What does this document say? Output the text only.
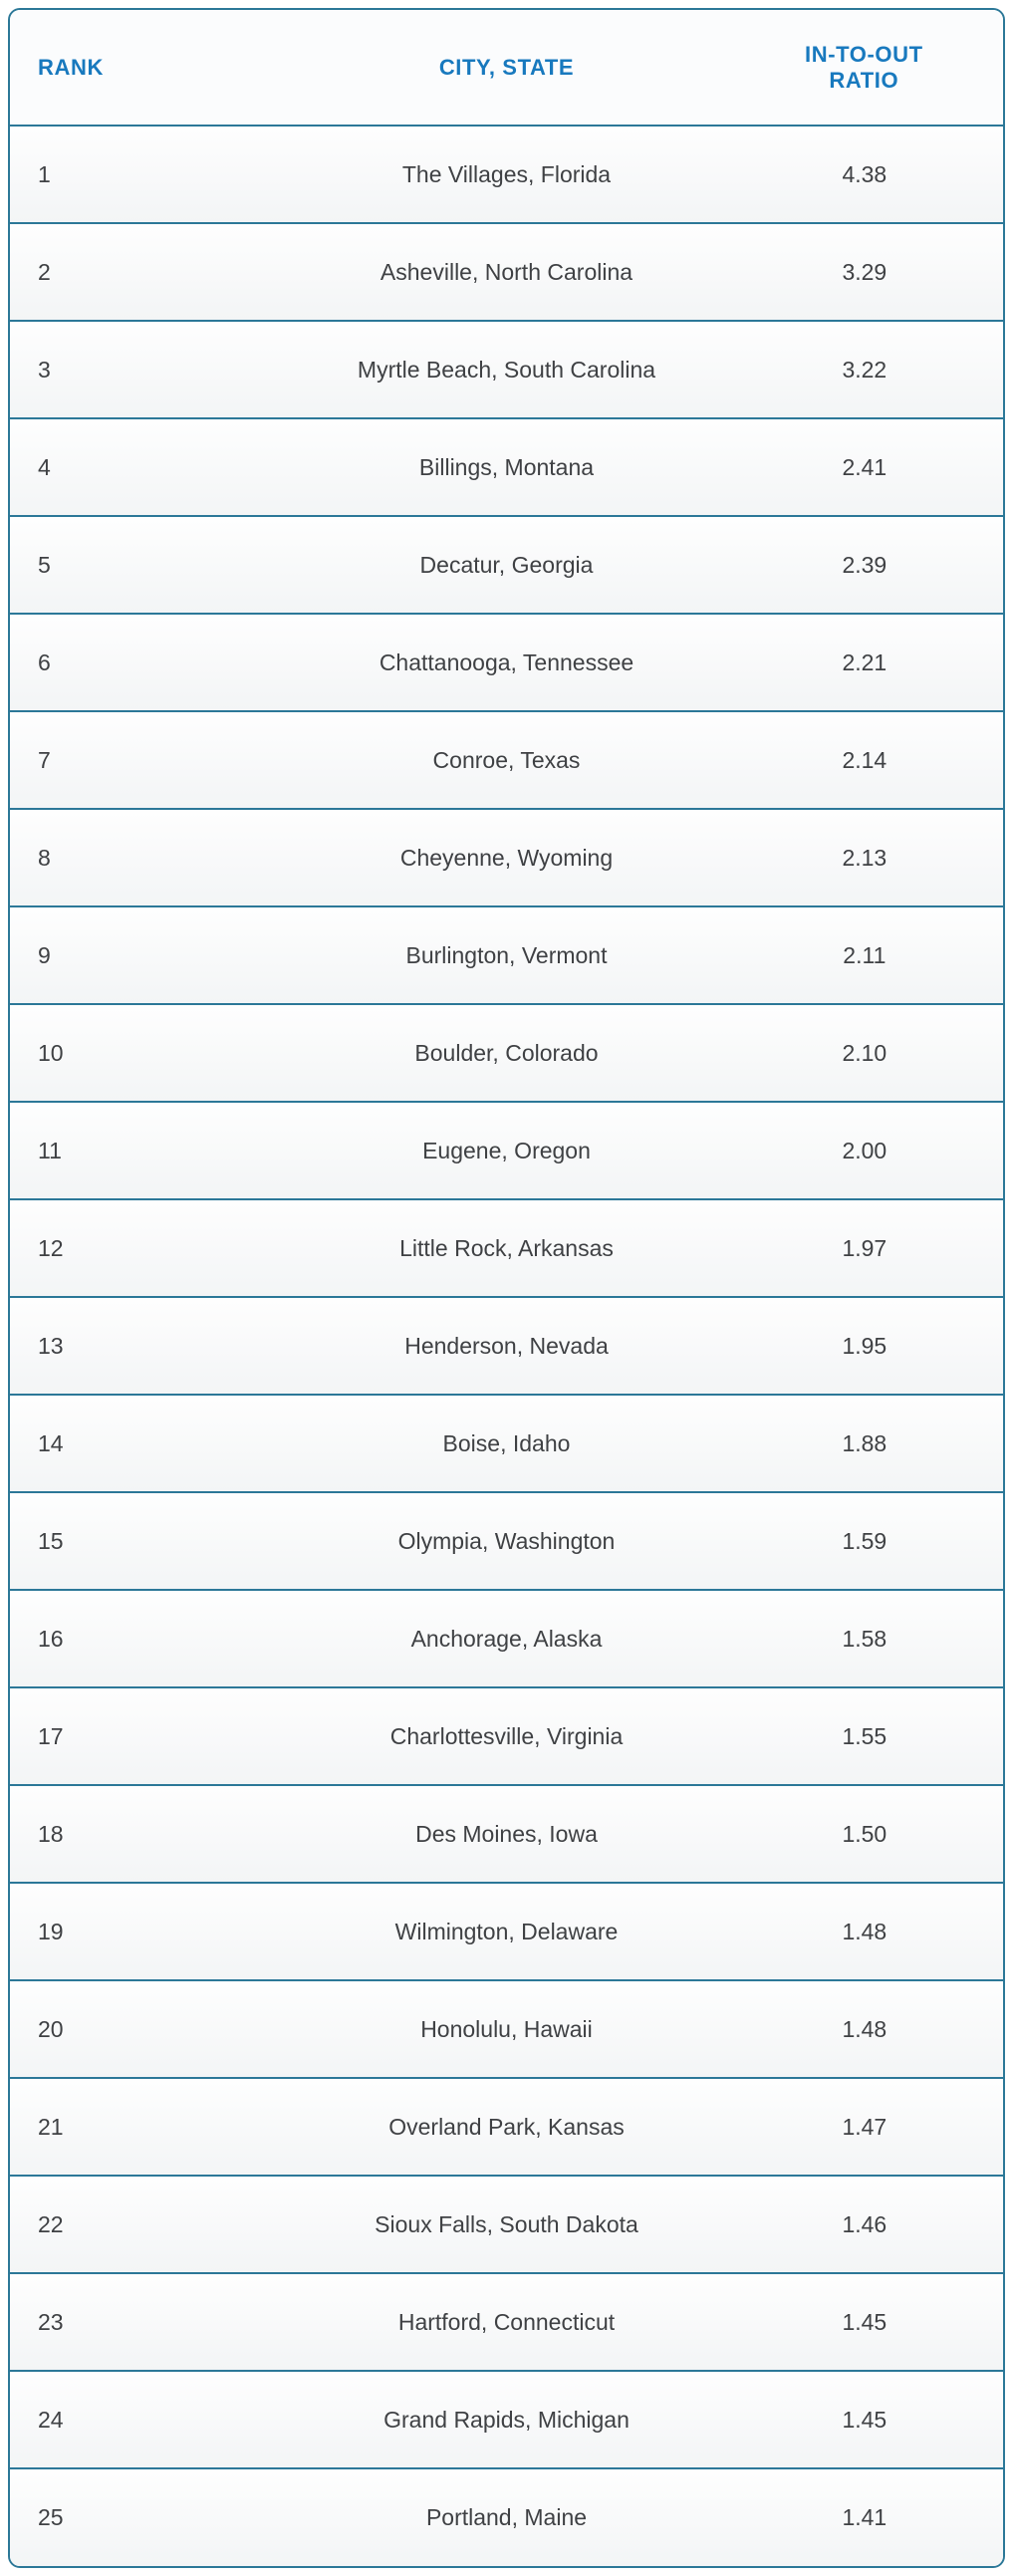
RANK	CITY, STATE	IN-TO-OUT RATIO
1	The Villages, Florida	4.38
2	Asheville, North Carolina	3.29
3	Myrtle Beach, South Carolina	3.22
4	Billings, Montana	2.41
5	Decatur, Georgia	2.39
6	Chattanooga, Tennessee	2.21
7	Conroe, Texas	2.14
8	Cheyenne, Wyoming	2.13
9	Burlington, Vermont	2.11
10	Boulder, Colorado	2.10
11	Eugene, Oregon	2.00
12	Little Rock, Arkansas	1.97
13	Henderson, Nevada	1.95
14	Boise, Idaho	1.88
15	Olympia, Washington	1.59
16	Anchorage, Alaska	1.58
17	Charlottesville, Virginia	1.55
18	Des Moines, Iowa	1.50
19	Wilmington, Delaware	1.48
20	Honolulu, Hawaii	1.48
21	Overland Park, Kansas	1.47
22	Sioux Falls, South Dakota	1.46
23	Hartford, Connecticut	1.45
24	Grand Rapids, Michigan	1.45
25	Portland, Maine	1.41
